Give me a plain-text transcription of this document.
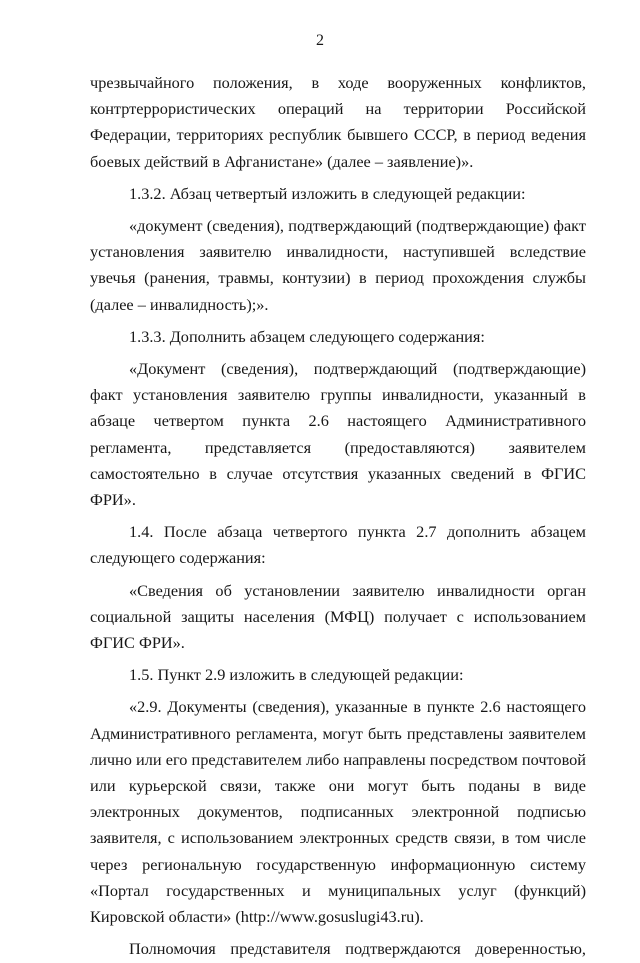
2

чрезвычайного положения, в ходе вооруженных конфликтов, контртеррористических операций на территории Российской Федерации, территориях республик бывшего СССР, в период ведения боевых действий в Афганистане» (далее – заявление)».

1.3.2. Абзац четвертый изложить в следующей редакции:

«документ (сведения), подтверждающий (подтверждающие) факт установления заявителю инвалидности, наступившей вследствие увечья (ранения, травмы, контузии) в период прохождения службы (далее – инвалидность);».

1.3.3. Дополнить абзацем следующего содержания:

«Документ (сведения), подтверждающий (подтверждающие) факт установления заявителю группы инвалидности, указанный в абзаце четвертом пункта 2.6 настоящего Административного регламента, представляется (предоставляются) заявителем самостоятельно в случае отсутствия указанных сведений в ФГИС ФРИ».

1.4. После абзаца четвертого пункта 2.7 дополнить абзацем следующего содержания:

«Сведения об установлении заявителю инвалидности орган социальной защиты населения (МФЦ) получает с использованием ФГИС ФРИ».

1.5. Пункт 2.9 изложить в следующей редакции:

«2.9. Документы (сведения), указанные в пункте 2.6 настоящего Административного регламента, могут быть представлены заявителем лично или его представителем либо направлены посредством почтовой или курьерской связи, также они могут быть поданы в виде электронных документов, подписанных электронной подписью заявителя, с использованием электронных средств связи, в том числе через региональную государственную информационную систему «Портал государственных и муниципальных услуг (функций) Кировской области» (http://www.gosuslugi43.ru).

Полномочия представителя подтверждаются доверенностью,
